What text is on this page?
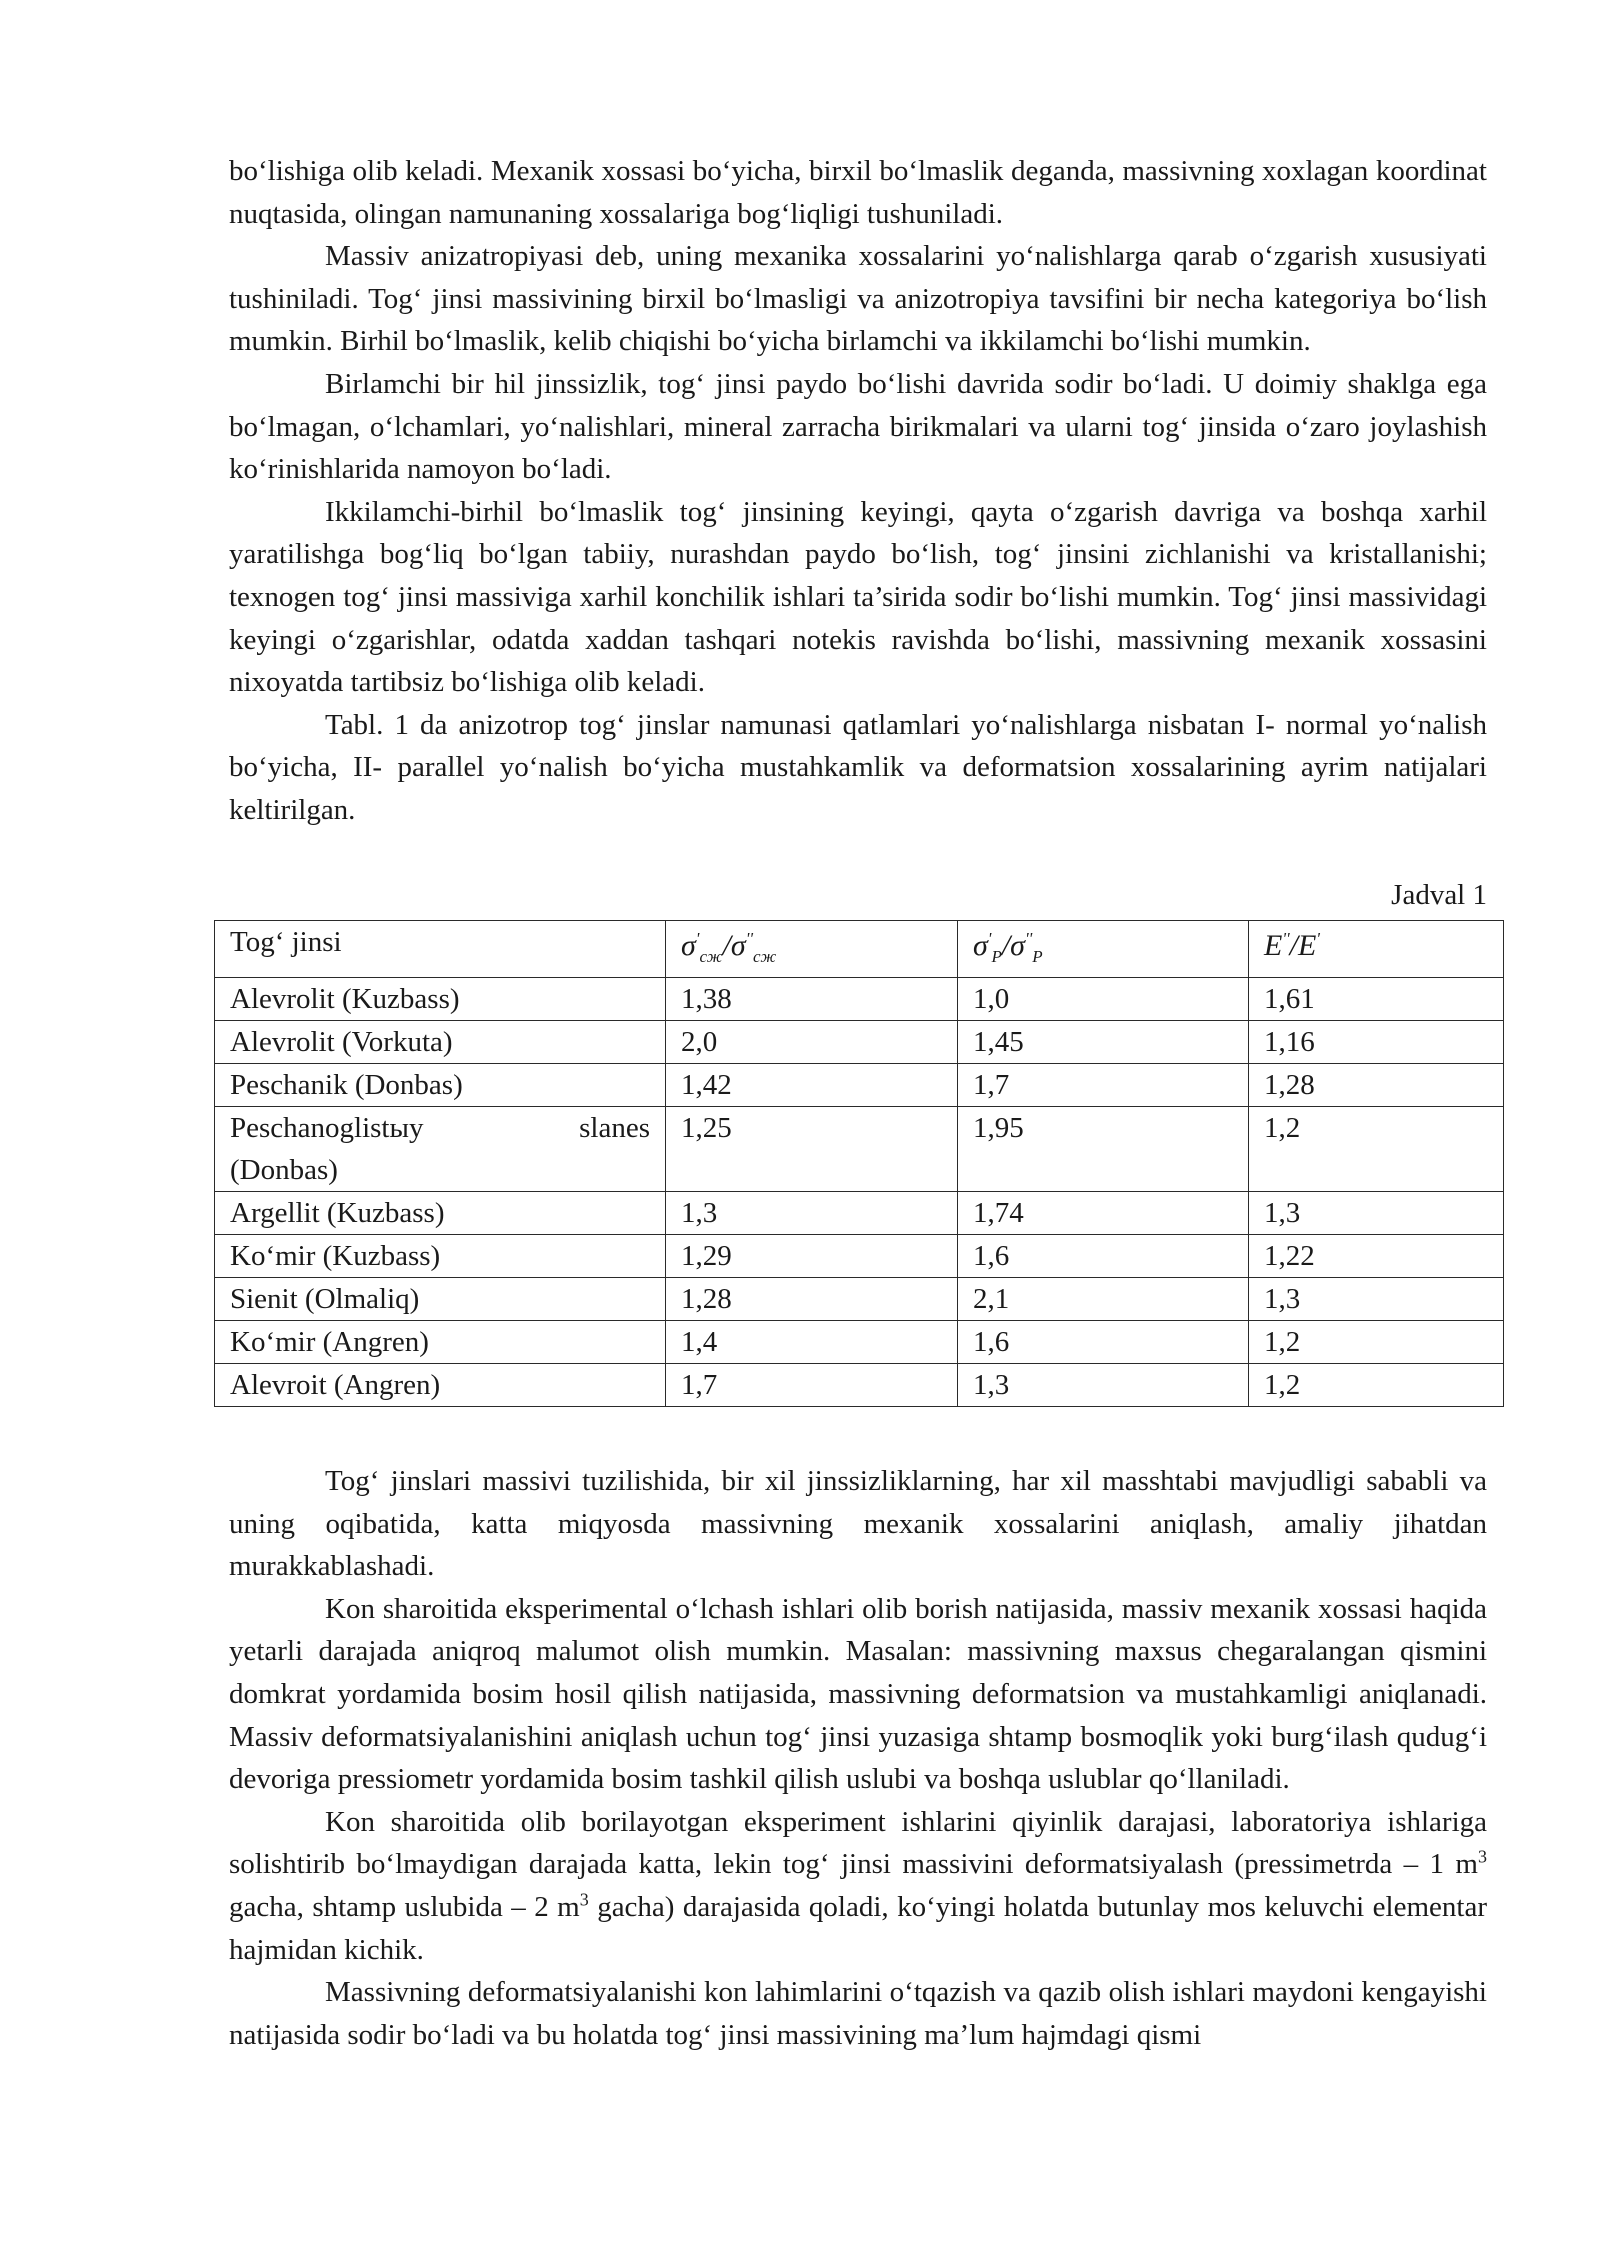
bo‘lishiga olib keladi. Mexanik xossasi bo‘yicha, birxil bo‘lmaslik deganda, massivning xoxlagan koordinat nuqtasida, olingan namunaning xossalariga bog‘liqligi tushuniladi.

Massiv anizatropiyasi deb, uning mexanika xossalarini yo‘nalishlarga qarab o‘zgarish xususiyati tushiniladi. Tog‘ jinsi massivining birxil bo‘lmasligi va anizotropiya tavsifini bir necha kategoriya bo‘lish mumkin. Birhil bo‘lmaslik, kelib chiqishi bo‘yicha birlamchi va ikkilamchi bo‘lishi mumkin.

Birlamchi bir hil jinssizlik, tog‘ jinsi paydo bo‘lishi davrida sodir bo‘ladi. U doimiy shaklga ega bo‘lmagan, o‘lchamlari, yo‘nalishlari, mineral zarracha birikmalari va ularni tog‘ jinsida o‘zaro joylashish ko‘rinishlarida namoyon bo‘ladi.

Ikkilamchi-birhil bo‘lmaslik tog‘ jinsining keyingi, qayta o‘zgarish davriga va boshqa xarhil yaratilishga bog‘liq bo‘lgan tabiiy, nurashdan paydo bo‘lish, tog‘ jinsini zichlanishi va kristallanishi; texnogen tog‘ jinsi massiviga xarhil konchilik ishlari ta’sirida sodir bo‘lishi mumkin. Tog‘ jinsi massividagi keyingi o‘zgarishlar, odatda xaddan tashqari notekis ravishda bo‘lishi, massivning mexanik xossasini nixoyatda tartibsiz bo‘lishiga olib keladi.

Tabl. 1 da anizotrop tog‘ jinslar namunasi qatlamlari yo‘nalishlarga nisbatan I- normal yo‘nalish bo‘yicha, II- parallel yo‘nalish bo‘yicha mustahkamlik va deformatsion xossalarining ayrim natijalari keltirilgan.

Jadval 1
Tog‘ jinsi	$\sigma'_{сж}/\sigma''_{сж}$	$\sigma'_P/\sigma''_P$	E''/E'
Alevrolit (Kuzbass)	1,38	1,0	1,61
Alevrolit (Vorkuta)	2,0	1,45	1,16
Peschanik (Donbas)	1,42	1,7	1,28

Peschanoglistыy slanes
(Donbas)	1,25	1,95	1,2
Argellit (Kuzbass)	1,3	1,74	1,3
Ko‘mir (Kuzbass)	1,29	1,6	1,22
Sienit (Olmaliq)	1,28	2,1	1,3
Ko‘mir (Angren)	1,4	1,6	1,2
Alevroit (Angren)	1,7	1,3	1,2

Tog‘ jinslari massivi tuzilishida, bir xil jinssizliklarning, har xil masshtabi mavjudligi sababli va uning oqibatida, katta miqyosda massivning mexanik xossalarini aniqlash, amaliy jihatdan murakkablashadi.

Kon sharoitida eksperimental o‘lchash ishlari olib borish natijasida, massiv mexanik xossasi haqida yetarli darajada aniqroq malumot olish mumkin. Masalan: massivning maxsus chegaralangan qismini domkrat yordamida bosim hosil qilish natijasida, massivning deformatsion va mustahkamligi aniqlanadi. Massiv deformatsiyalanishini aniqlash uchun tog‘ jinsi yuzasiga shtamp bosmoqlik yoki burg‘ilash qudug‘i devoriga pressiometr yordamida bosim tashkil qilish uslubi va boshqa uslublar qo‘llaniladi.

Kon sharoitida olib borilayotgan eksperiment ishlarini qiyinlik darajasi, laboratoriya ishlariga solishtirib bo‘lmaydigan darajada katta, lekin tog‘ jinsi massivini deformatsiyalash (pressimetrda – 1 $m^3$ gacha, shtamp uslubida – 2 $m^3$ gacha) darajasida qoladi, ko‘yingi holatda butunlay mos keluvchi elementar hajmidan kichik.

Massivning deformatsiyalanishi kon lahimlarini o‘tqazish va qazib olish ishlari maydoni kengayishi natijasida sodir bo‘ladi va bu holatda tog‘ jinsi massivining ma’lum hajmdagi qismi
